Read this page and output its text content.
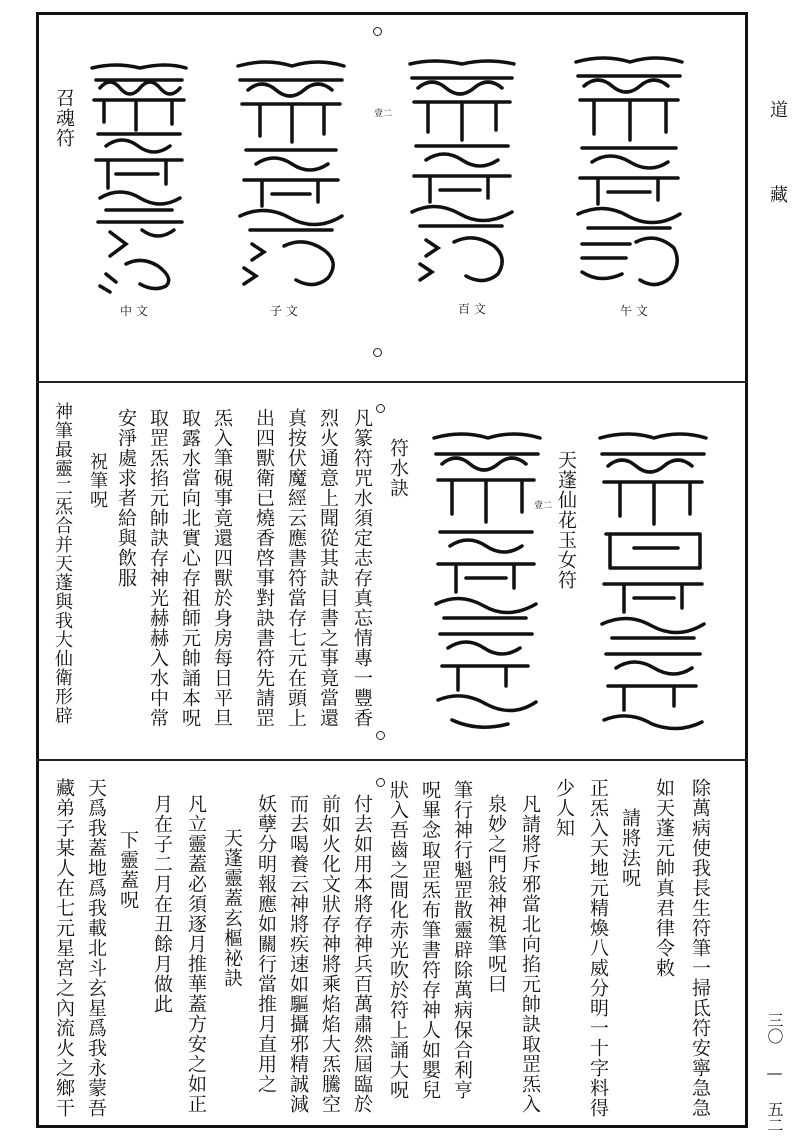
道
藏
三〇 — 五二
召魂符
中 文	子 文
壹二
百 文	午 文
神筆最靈二炁合并天蓬與我大仙衛形辟 祝筆呪 安淨處求者給與飲服 取罡炁掐元帥訣存神光赫赫入水中常 取露水當向北實心存祖師元帥誦本呪 炁入筆硯事竟還四獸於身房每日平旦 出四獸衛已燒香啓事對訣書符先請罡 真按伏魔經云應書符當存七元在頭上 烈火通意上聞從其訣目書之事竟當還 凡篆符咒水須定志存真忘情專一豐香 符水訣
壹二 天蓬仙花玉女符
藏弟子某人在七元星宮之內流火之鄉干 天爲我蓋地爲我載北斗玄星爲我永蒙吾 下靈蓋呪 月在子二月在丑餘月做此 凡立靈蓋必須逐月推華蓋方安之如正 天蓬靈蓋玄樞祕訣 妖孽分明報應如關行當推月直用之 而去喝養云神將疾速如驅攝邪精誠減 前如火化文狀存神將乘焰焰大炁騰空 付去如用本將存神兵百萬肅然屆臨於 狀入吾齒之間化赤光吹於符上誦大呪 呪畢念取罡炁布筆書符存神人如嬰兒 筆行神行魁罡散靈辟除萬病保合利亨 泉妙之門敍神視筆呪曰 凡請將斥邪當北向掐元帥訣取罡炁入 少人知 正炁入天地元精煥八威分明一十字料得 請將法呪 如天蓬元帥真君律令敕 除萬病使我長生符筆一掃氐符安寧急急
